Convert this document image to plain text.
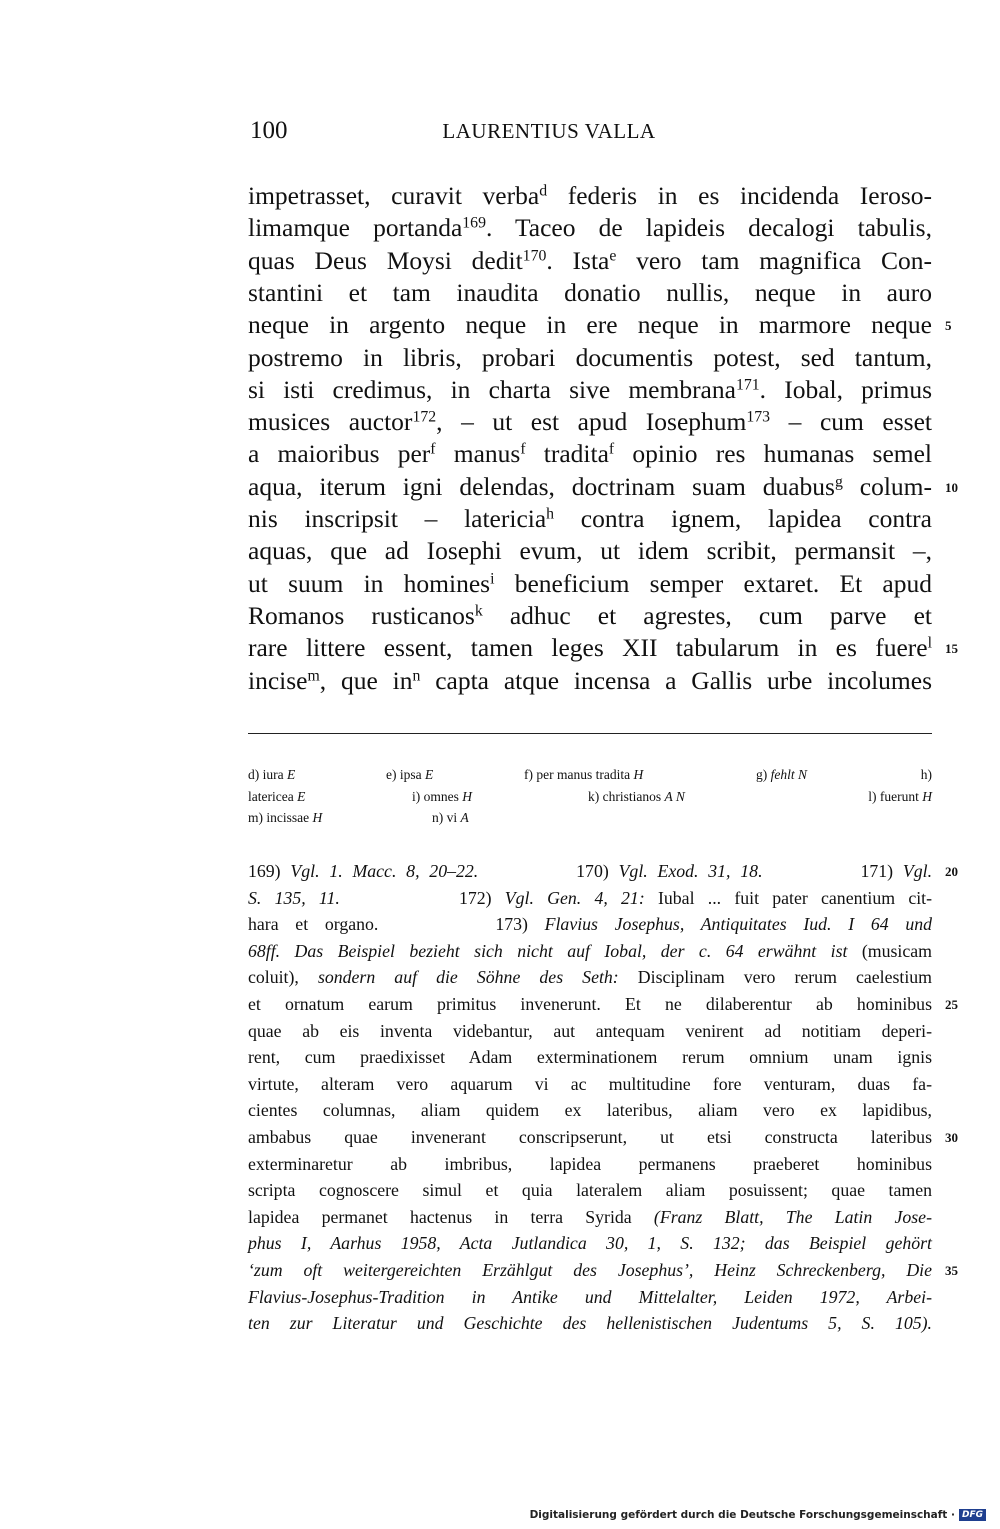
100	LAURENTIUS VALLA
impetrasset, curavit verba$^d$ federis in es incidenda Ieroso-
limamque portanda$^{169}$. Taceo de lapideis decalogi tabulis,
quas Deus Moysi dedit$^{170}$. Ista$^e$ vero tam magnifica Con-
stantini et tam inaudita donatio nullis, neque in auro
neque in argento neque in ere neque in marmore neque
postremo in libris, probari documentis potest, sed tantum,
si isti credimus, in charta sive membrana$^{171}$. Iobal, primus
musices auctor$^{172}$, – ut est apud Iosephum$^{173}$ – cum esset
a maioribus per$^f$ manus$^f$ tradita$^f$ opinio res humanas semel
aqua, iterum igni delendas, doctrinam suam duabus$^g$ colum-
nis inscripsit – latericia$^h$ contra ignem, lapidea contra
aquas, que ad Iosephi evum, ut idem scribit, permansit –,
ut suum in homines$^i$ beneficium semper extaret. Et apud
Romanos rusticanos$^k$ adhuc et agrestes, cum parve et
rare littere essent, tamen leges XII tabularum in es fuere$^l$
incise$^m$, que $in^n$ capta atque incensa a Gallis urbe incolumes
5
10
15
d) iura E	e) ipsa E	f) per manus tradita H	g) fehlt N	h)
latericea E	i) omnes H	k) christianos A N	l) fuerunt H
m) incissae H	n) vi A
169) Vgl. 1. Macc. 8, 20–22.          170) Vgl. Exod. 31, 18.          171) Vgl.
S. 135, 11.         172) Vgl. Gen. 4, 21: Iubal ... fuit pater canentium cit-
hara et organo.       173) Flavius Josephus, Antiquitates Iud. I 64 und
68ff. Das Beispiel bezieht sich nicht auf Iobal, der c. 64 erwähnt ist (musicam
coluit), sondern auf die Söhne des Seth: Disciplinam vero rerum caelestium
et ornatum earum primitus invenerunt. Et ne dilaberentur ab hominibus
quae ab eis inventa videbantur, aut antequam venirent ad notitiam deperi-
rent, cum praedixisset Adam exterminationem rerum omnium unam ignis
virtute, alteram vero aquarum vi ac multitudine fore venturam, duas fa-
cientes columnas, aliam quidem ex lateribus, aliam vero ex lapidibus,
ambabus quae invenerant conscripserunt, ut etsi constructa lateribus
exterminaretur ab imbribus, lapidea permanens praeberet hominibus
scripta cognoscere simul et quia lateralem aliam posuissent; quae tamen
lapidea permanet hactenus in terra Syrida (Franz Blatt, The Latin Jose-
phus I, Aarhus 1958, Acta Jutlandica 30, 1, S. 132; das Beispiel gehört
‘zum oft weitergereichten Erzählgut des Josephus’, Heinz Schreckenberg, Die
Flavius-Josephus-Tradition in Antike und Mittelalter, Leiden 1972, Arbei-
ten zur Literatur und Geschichte des hellenistischen Judentums 5, S. 105).
20
25
30
35
Digitalisierung gefördert durch die Deutsche Forschungsgemeinschaft · DFG
